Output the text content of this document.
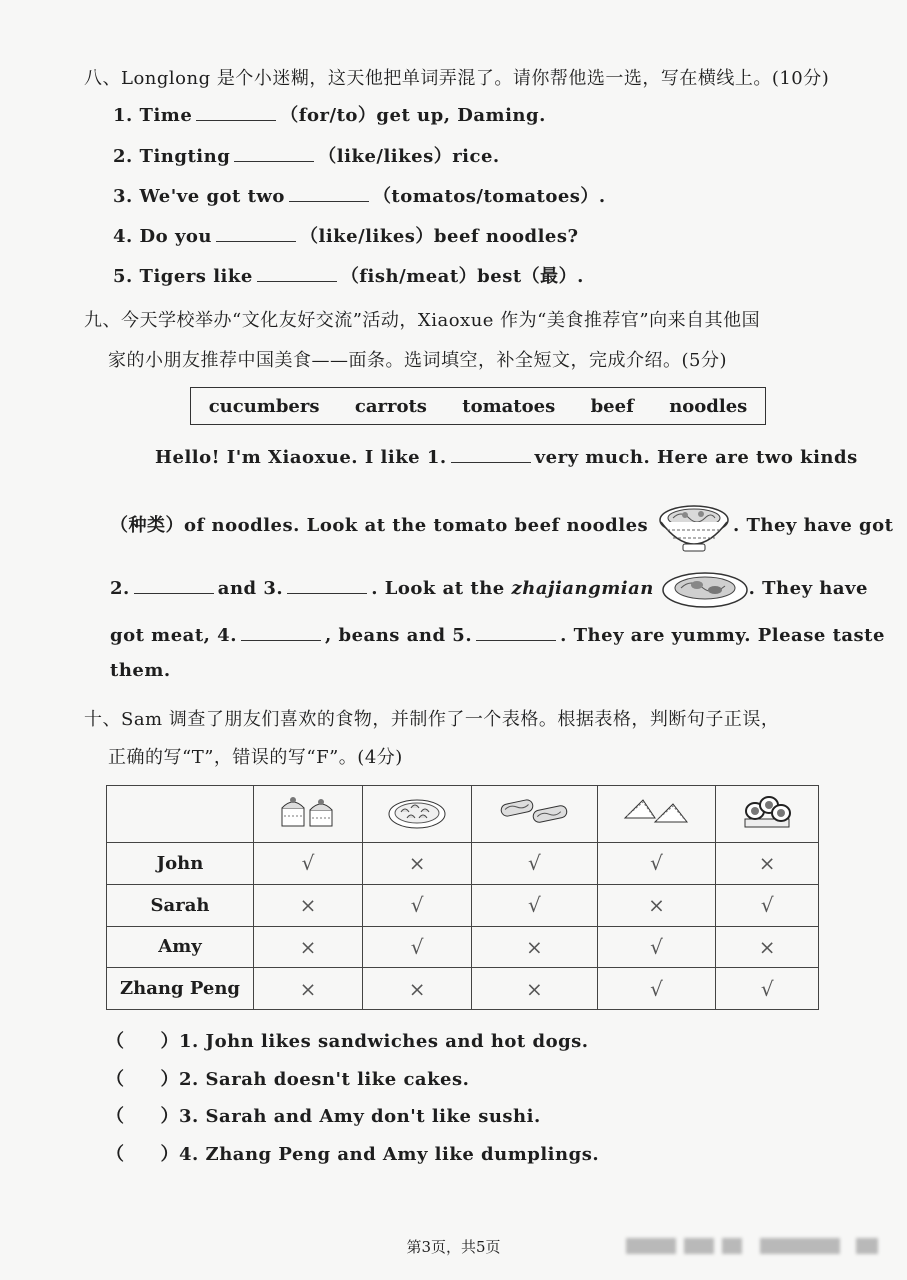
八、Longlong 是个小迷糊，这天他把单词弄混了。请你帮他选一选，写在横线上。(10分)
1. Time	（for/to）get up, Daming.
2. Tingting	（like/likes）rice.
3. We've got two	（tomatos/tomatoes）.
4. Do you	（like/likes）beef noodles?
5. Tigers like	（fish/meat）best（最）.
九、今天学校举办“文化友好交流”活动，Xiaoxue 作为“美食推荐官”向来自其他国
家的小朋友推荐中国美食——面条。选词填空，补全短文，完成介绍。(5分)
cucumbers carrots tomatoes beef noodles
Hello! I'm Xiaoxue. I like 1.	very much. Here are two kinds
（种类）of noodles. Look at the tomato beef noodles	. They have got
2.	and 3.	. Look at the zhajiangmian	. They have
got meat, 4.	, beans and 5.	. They are yummy. Please taste
them.
十、Sam 调查了朋友们喜欢的食物，并制作了一个表格。根据表格，判断句子正误，
正确的写“T”，错误的写“F”。(4分)

John	√	×	√	√	×
Sarah	×	√	√	×	√
Amy	×	√	×	√	×
Zhang Peng	×	×	×	√	√
（ ）1. John likes sandwiches and hot dogs.
（ ）2. Sarah doesn't like cakes.
（ ）3. Sarah and Amy don't like sushi.
（ ）4. Zhang Peng and Amy like dumplings.
第3页，共5页
